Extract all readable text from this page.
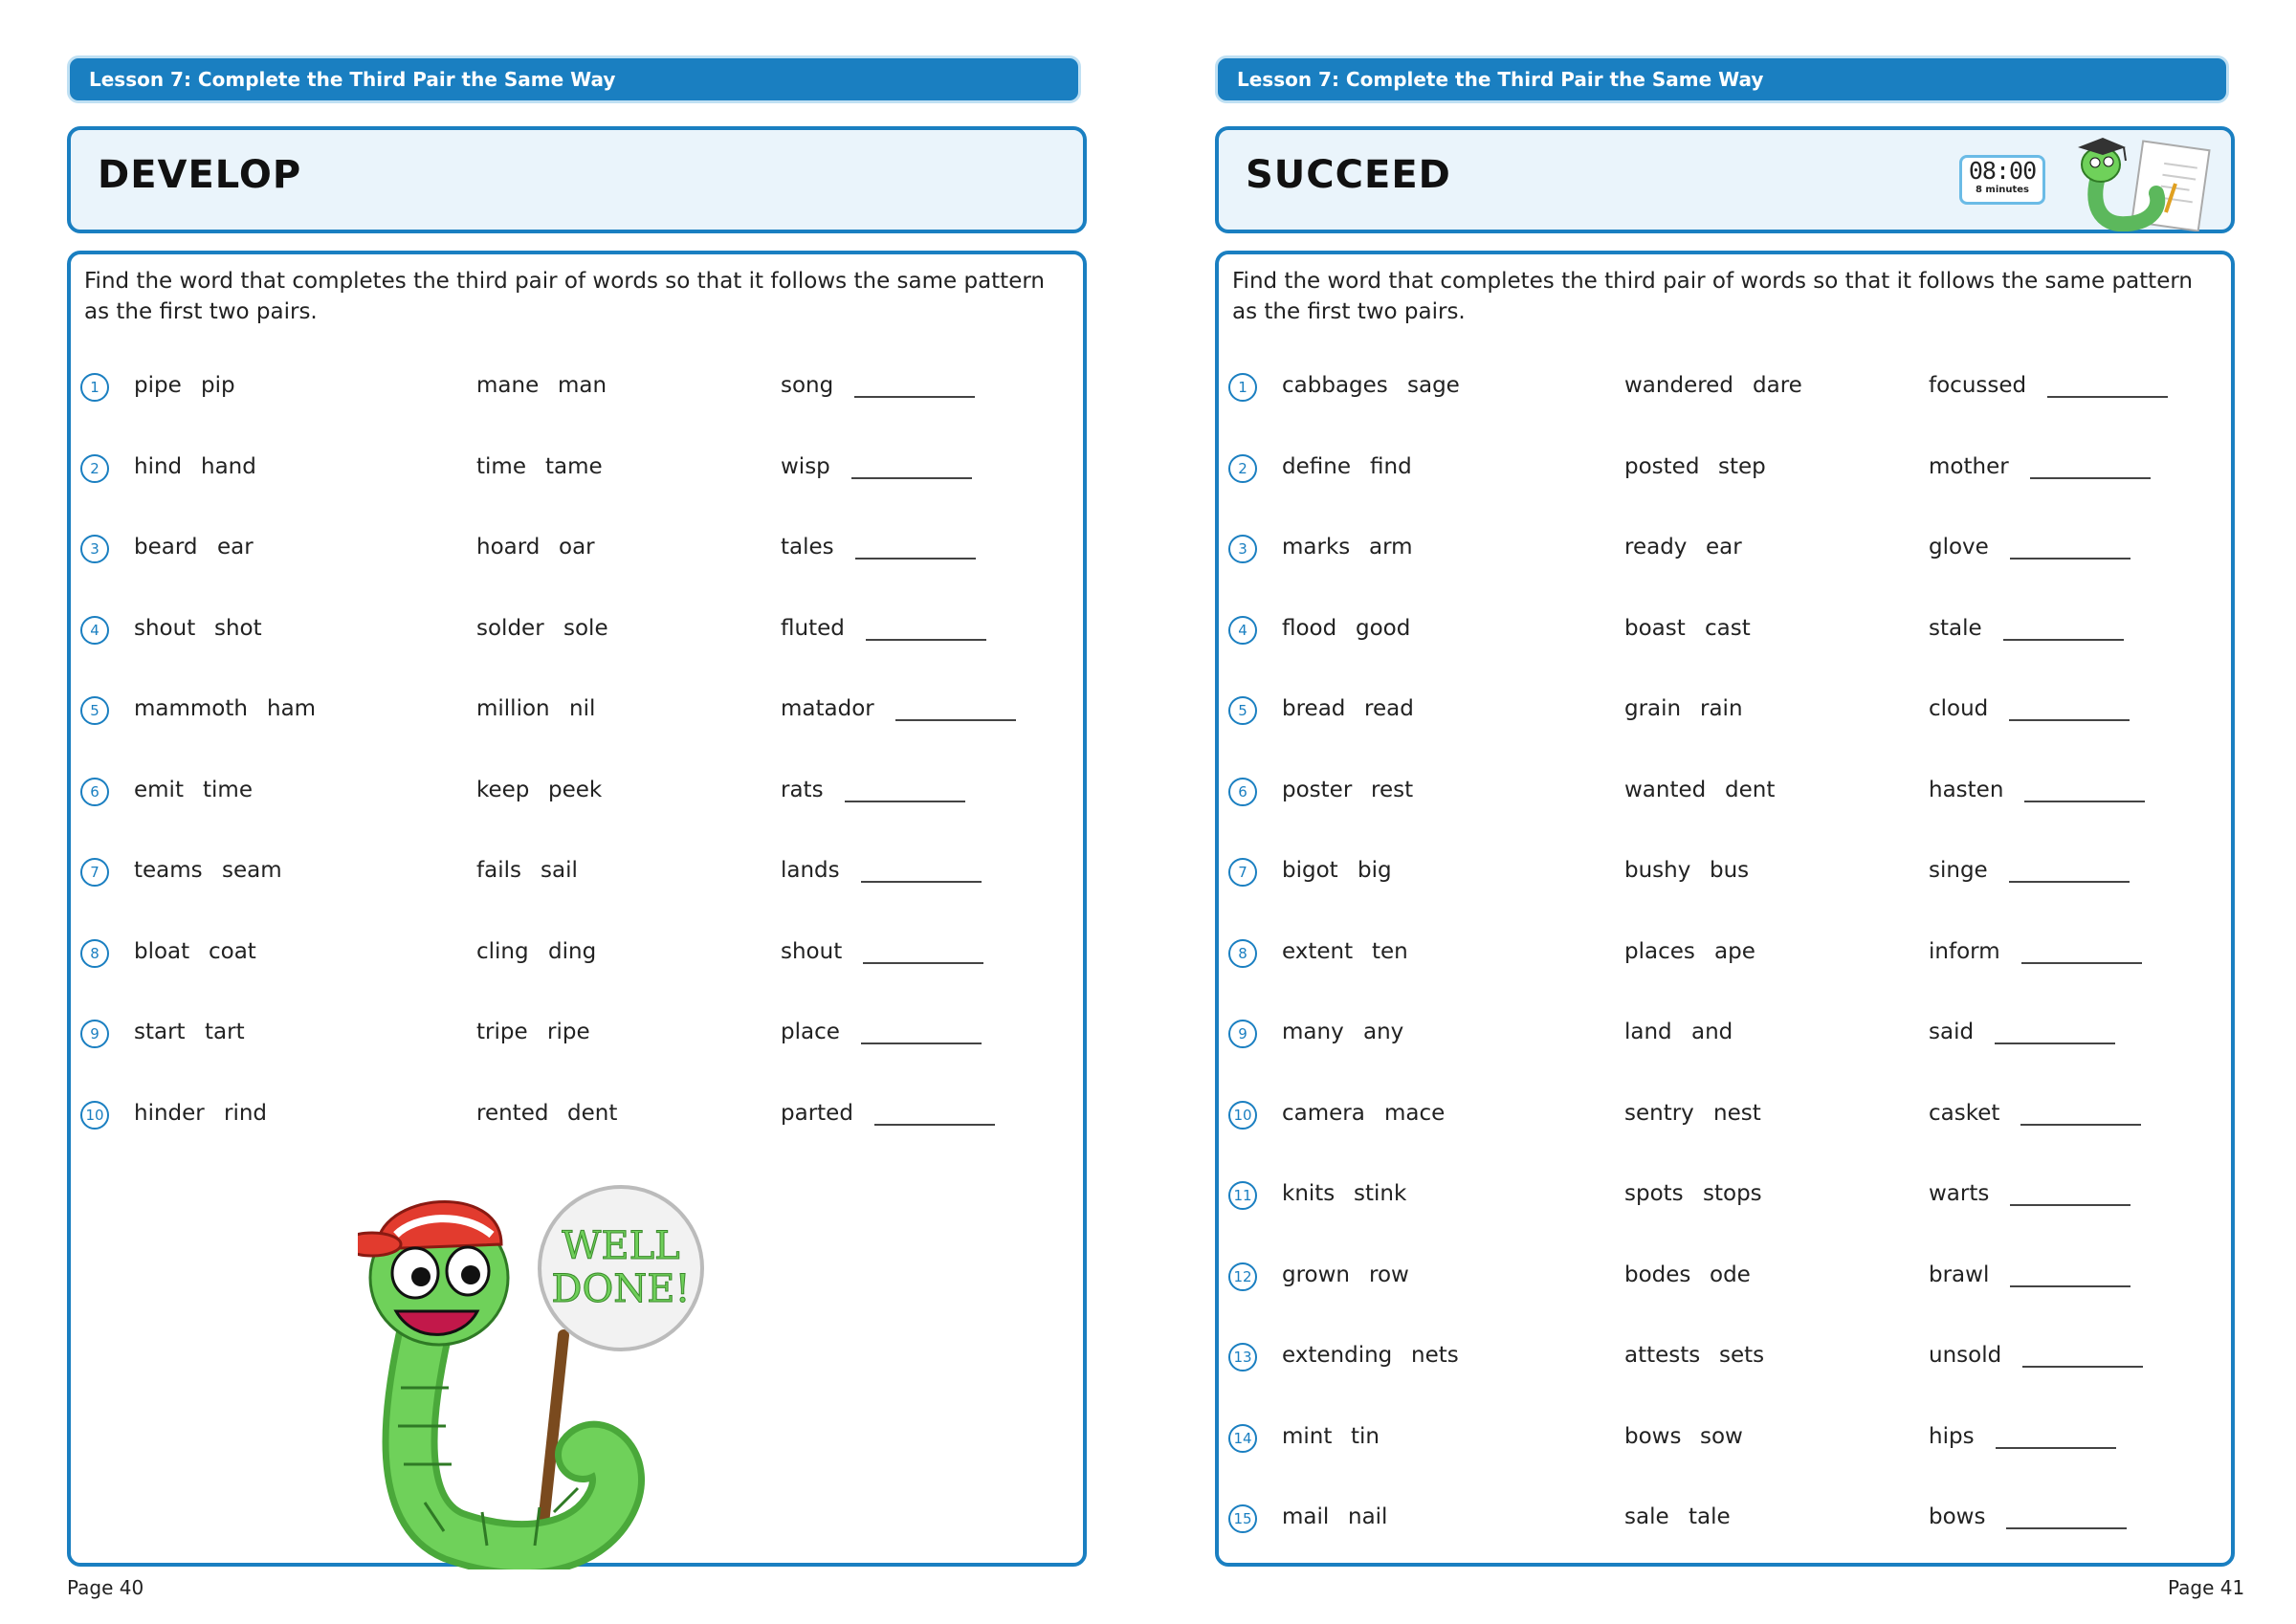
Lesson 7: Complete the Third Pair the Same Way
DEVELOP
Find the word that completes the third pair of words so that it follows the same pattern as the first two pairs.
1	pipe pip	mane man	song
2	hind hand	time tame	wisp
3	beard ear	hoard oar	tales
4	shout shot	solder sole	fluted
5	mammoth ham	million nil	matador
6	emit time	keep peek	rats
7	teams seam	fails sail	lands
8	bloat coat	cling ding	shout
9	start tart	tripe ripe	place
10 hinder rind	rented dent	parted
WELL
DONE!
Page 40
Lesson 7: Complete the Third Pair the Same Way
SUCCEED	08:00
8 minutes
Find the word that completes the third pair of words so that it follows the same pattern as the first two pairs.
1	cabbages sage	wandered dare	focussed
2	define find	posted step	mother
3	marks arm	ready ear	glove
4	flood good	boast cast	stale
5	bread read	grain rain	cloud
6	poster rest	wanted dent	hasten
7	bigot big	bushy bus	singe
8	extent ten	places ape	inform
9	many any	land and	said
10 camera mace	sentry nest	casket
11 knits stink	spots stops	warts
12 grown row	bodes ode	brawl
13 extending nets	attests sets	unsold
14 mint tin	bows sow	hips
15 mail nail	sale tale	bows
Page 41
